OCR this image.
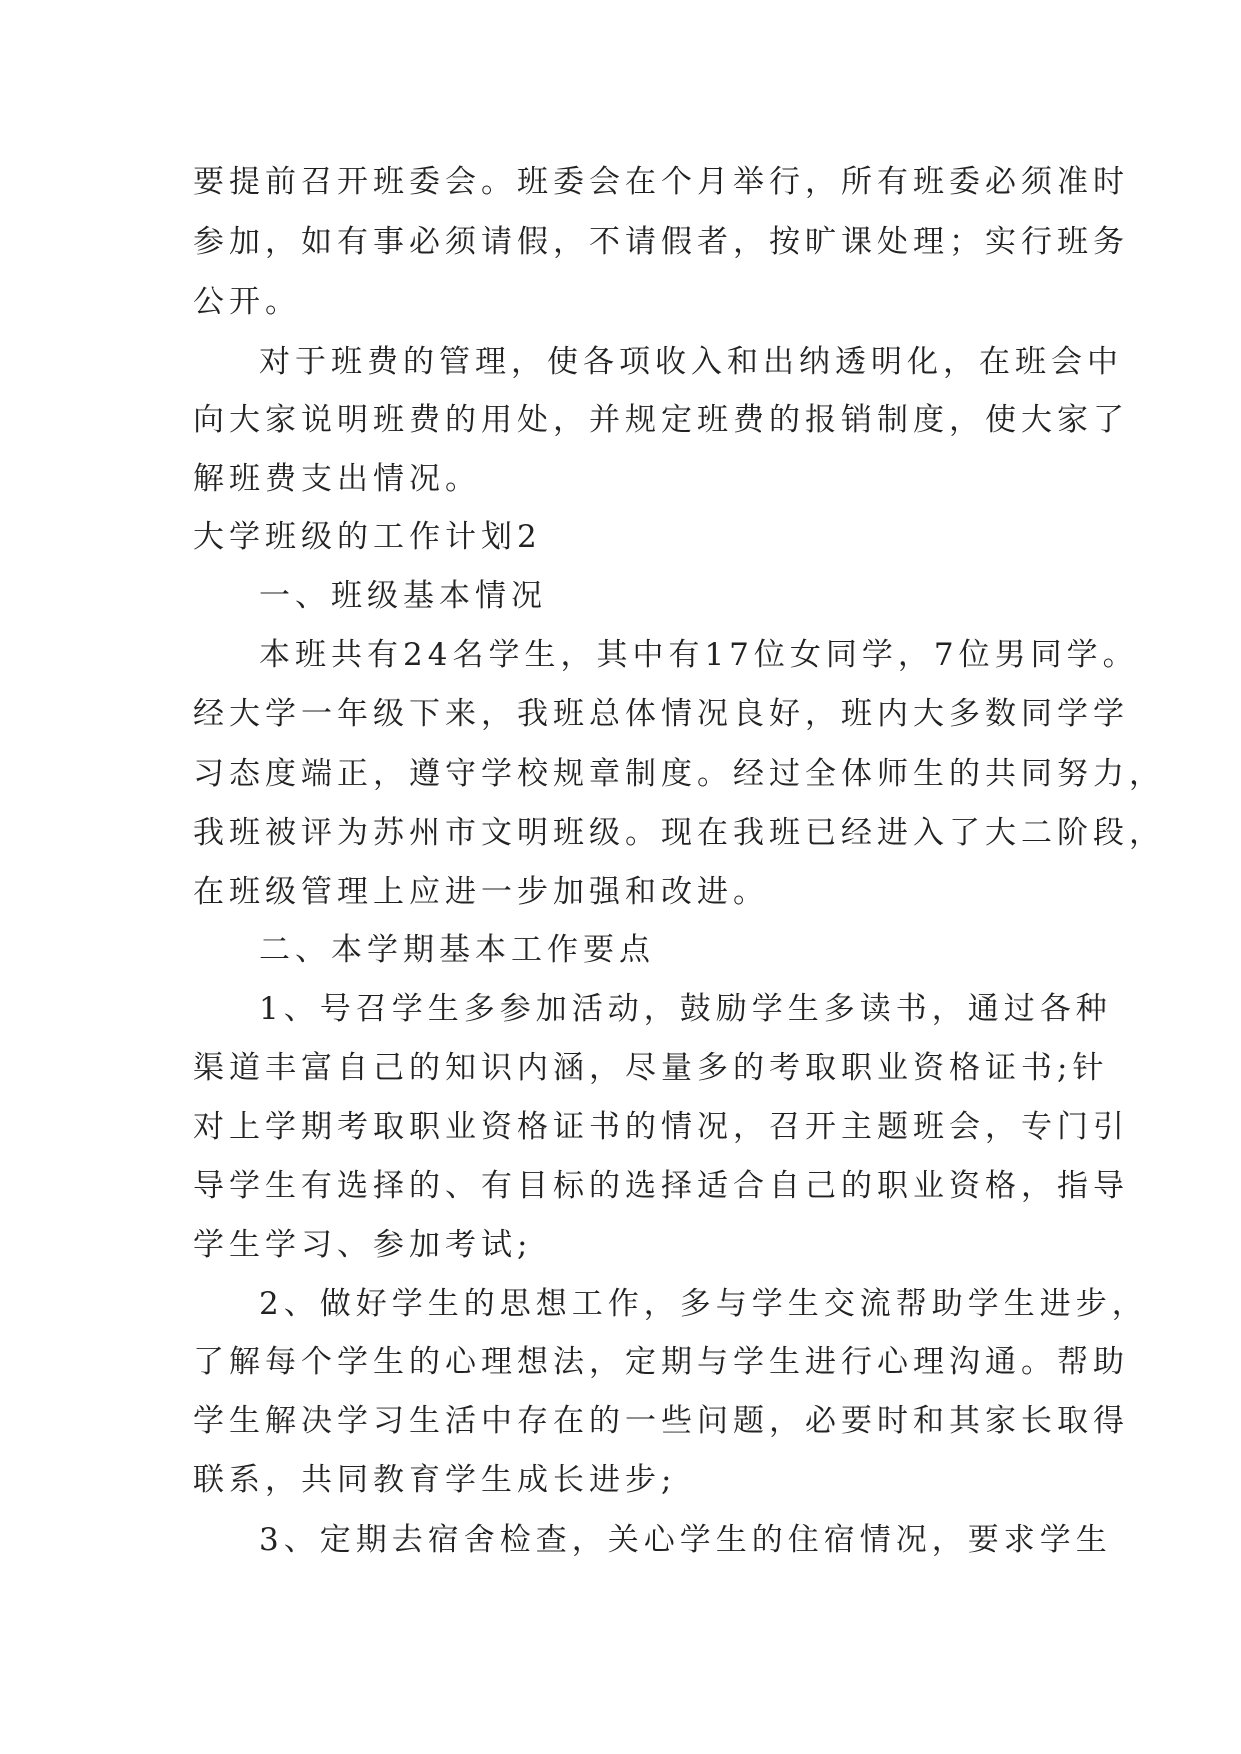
要提前召开班委会。班委会在个月举行，所有班委必须准时
参加，如有事必须请假，不请假者，按旷课处理；实行班务
公开。
对于班费的管理，使各项收入和出纳透明化，在班会中
向大家说明班费的用处，并规定班费的报销制度，使大家了
解班费支出情况。
大学班级的工作计划2
一、班级基本情况
本班共有24名学生，其中有17位女同学，7位男同学。
经大学一年级下来，我班总体情况良好，班内大多数同学学
习态度端正，遵守学校规章制度。经过全体师生的共同努力，
我班被评为苏州市文明班级。现在我班已经进入了大二阶段，
在班级管理上应进一步加强和改进。
二、本学期基本工作要点
1、号召学生多参加活动，鼓励学生多读书，通过各种
渠道丰富自己的知识内涵，尽量多的考取职业资格证书;针
对上学期考取职业资格证书的情况，召开主题班会，专门引
导学生有选择的、有目标的选择适合自己的职业资格，指导
学生学习、参加考试;
2、做好学生的思想工作，多与学生交流帮助学生进步，
了解每个学生的心理想法，定期与学生进行心理沟通。帮助
学生解决学习生活中存在的一些问题，必要时和其家长取得
联系，共同教育学生成长进步;
3、定期去宿舍检查，关心学生的住宿情况，要求学生
